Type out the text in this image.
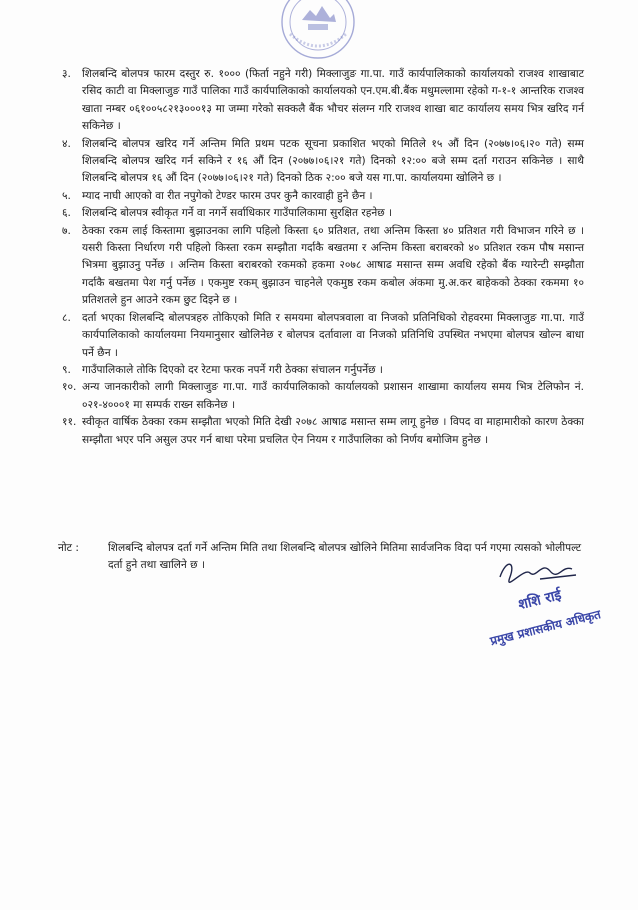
३.	शिलबन्दि बोलपत्र फारम दस्तुर रु. १००० (फिर्ता नहुने गरी) मिक्लाजुङ गा.पा. गाउँ कार्यपालिकाको कार्यालयको राजश्व शाखाबाट रसिद काटी वा मिक्लाजुङ गाउँ पालिका गाउँ कार्यपालिकाको कार्यालयको एन.एम.बी.बैंक मधुमल्लामा रहेको ग-१-१ आन्तरिक राजश्व खाता नम्बर ०६१००५८२१३०००१३ मा जम्मा गरेको सक्कलै बैंक भौचर संलग्न गरि राजश्व शाखा बाट कार्यालय समय भित्र खरिद गर्न सकिनेछ ।
४.	शिलबन्दि बोलपत्र खरिद गर्ने अन्तिम मिति प्रथम पटक सूचना प्रकाशित भएको मितिले १५ औं दिन (२०७७।०६।२० गते) सम्म शिलबन्दि बोलपत्र खरिद गर्न सकिने र १६ औं दिन (२०७७।०६।२१ गते) दिनको १२:०० बजे सम्म दर्ता गराउन सकिनेछ । साथै शिलबन्दि बोलपत्र १६ औं दिन (२०७७।०६।२१ गते) दिनको ठिक २:०० बजे यस गा.पा. कार्यालयमा खोलिने छ ।
५.	म्याद नाघी आएको वा रीत नपुगेको टेण्डर फारम उपर कुनै कारवाही हुने छैन ।
६.	शिलबन्दि बोलपत्र स्वीकृत गर्ने वा नगर्ने सर्वाधिकार गाउँपालिकामा सुरक्षित रहनेछ ।
७.	ठेक्का रकम लाई किस्तामा बुझाउनका लागि पहिलो किस्ता ६० प्रतिशत, तथा अन्तिम किस्ता ४० प्रतिशत गरी विभाजन गरिने छ । यसरी किस्ता निर्धारण गरी पहिलो किस्ता रकम सम्झौता गर्दाकै बखतमा र अन्तिम किस्ता बराबरको ४० प्रतिशत रकम पौष मसान्त भित्रमा बुझाउनु पर्नेछ । अन्तिम किस्ता बराबरको रकमको हकमा २०७८ आषाढ मसान्त सम्म अवधि रहेको बैंक ग्यारेन्टी सम्झौता गर्दाकै बखतमा पेश गर्नु पर्नेछ । एकमुष्ट रकम् बुझाउन चाहनेले एकमुष्ठ रकम कबोल अंकमा मु.अ.कर बाहेकको ठेक्का रकममा १० प्रतिशतले हुन आउने रकम छुट दिइने छ ।
८.	दर्ता भएका शिलबन्दि बोलपत्रहरु तोकिएको मिति र समयमा बोलपत्रवाला वा निजको प्रतिनिधिको रोहवरमा मिक्लाजुङ गा.पा. गाउँ कार्यपालिकाको कार्यालयमा नियमानुसार खोलिनेछ र बोलपत्र दर्तावाला वा निजको प्रतिनिधि उपस्थित नभएमा बोलपत्र खोल्न बाधा पर्ने छैन ।
९.	गाउँपालिकाले तोकि दिएको दर रेटमा फरक नपर्ने गरी ठेक्का संचालन गर्नुपर्नेछ ।
१०. अन्य जानकारीको लागी मिक्लाजुङ गा.पा. गाउँ कार्यपालिकाको कार्यालयको प्रशासन शाखामा कार्यालय समय भित्र टेलिफोन नं. ०२१-४०००१ मा सम्पर्क राख्न सकिनेछ ।
११. स्वीकृत वार्षिक ठेक्का रकम सम्झौता भएको मिति देखी २०७८ आषाढ मसान्त सम्म लागू हुनेछ । विपद वा माहामारीको कारण ठेक्का सम्झौता भएर पनि असुल उपर गर्न बाधा परेमा प्रचलित ऐन नियम र गाउँपालिका को निर्णय बमोजिम हुनेछ ।
नोट :	शिलबन्दि बोलपत्र दर्ता गर्ने अन्तिम मिति तथा शिलबन्दि बोलपत्र खोलिने मितिमा सार्वजनिक विदा पर्न गएमा त्यसको भोलीपल्ट दर्ता हुने तथा खालिने छ ।
शशि राई
प्रमुख प्रशासकीय अधिकृत
